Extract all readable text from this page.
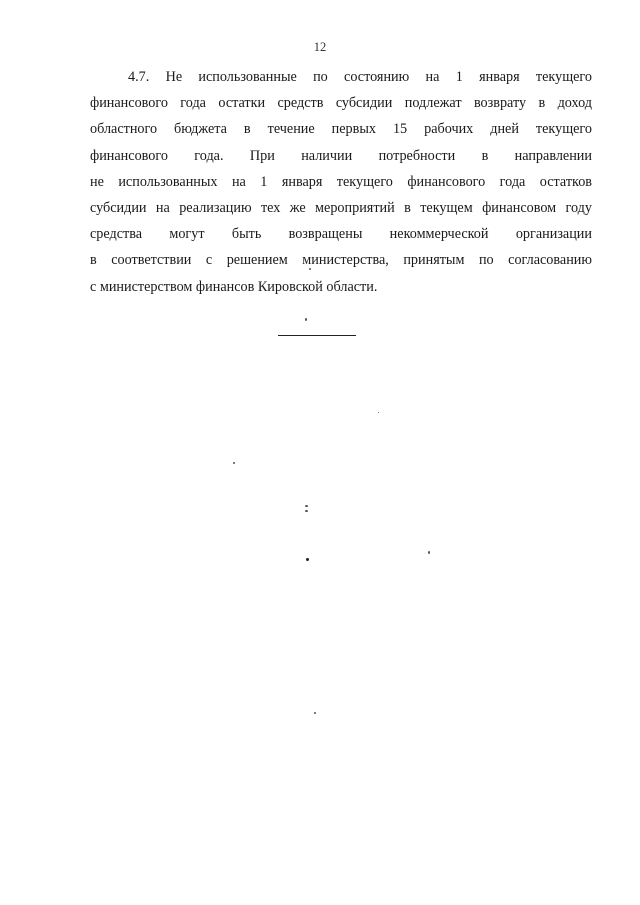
12
4.7. Не использованные по состоянию на 1 января текущего
финансового года остатки средств субсидии подлежат возврату в доход
областного бюджета в течение первых 15 рабочих дней текущего
финансового года. При наличии потребности в направлении
не использованных на 1 января текущего финансового года остатков
субсидии на реализацию тех же мероприятий в текущем финансовом году
средства могут быть возвращены некоммерческой организации
в соответствии с решением министерства, принятым по согласованию
с министерством финансов Кировской области.
